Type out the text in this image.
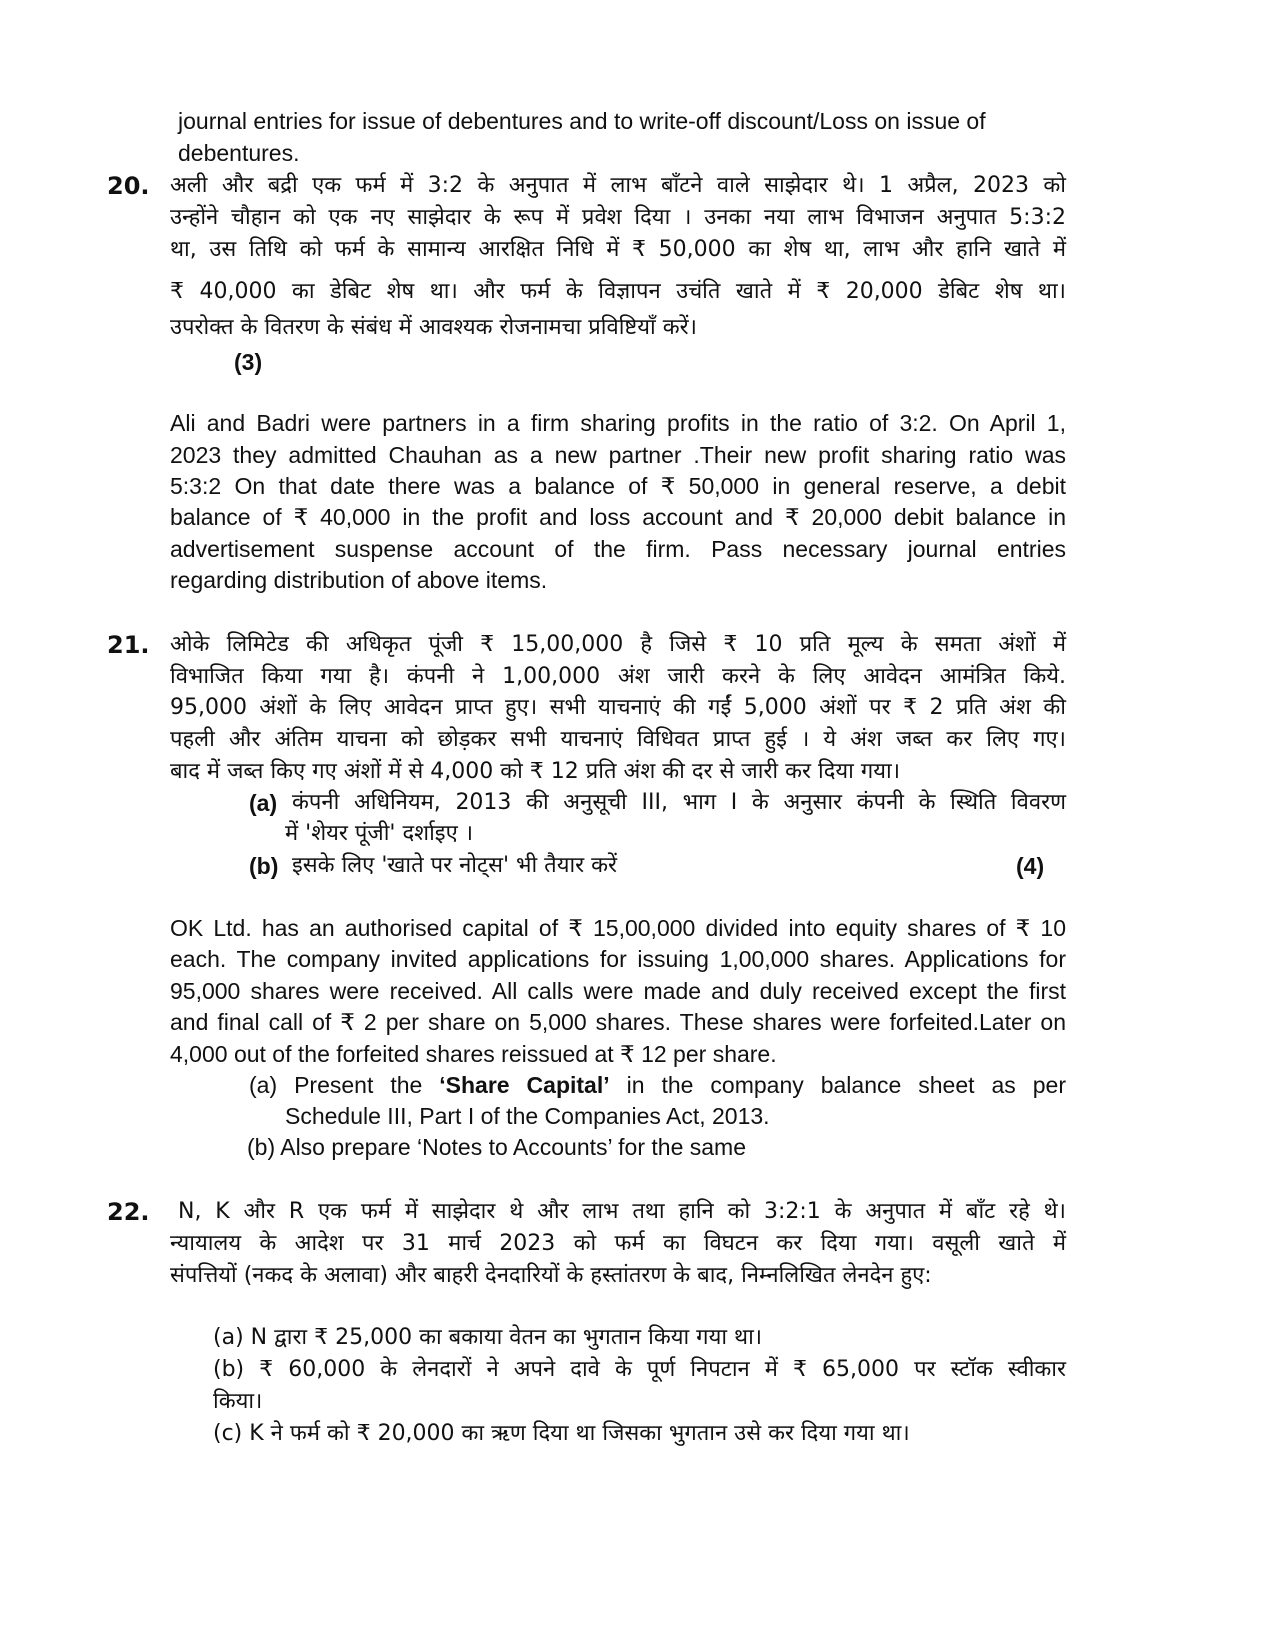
journal entries for issue of debentures and to write-off discount/Loss on issue of
debentures.
20. अली और बद्री एक फर्म में 3:2 के अनुपात में लाभ बाँटने वाले साझेदार थे। 1 अप्रैल, 2023 को
उन्होंने चौहान को एक नए साझेदार के रूप में प्रवेश दिया । उनका नया लाभ विभाजन अनुपात 5:3:2
था, उस तिथि को फर्म के सामान्य आरक्षित निधि में ₹ 50,000 का शेष था, लाभ और हानि खाते में
₹ 40,000 का डेबिट शेष था। और फर्म के विज्ञापन उचंति खाते में ₹ 20,000 डेबिट शेष था।
उपरोक्त के वितरण के संबंध में आवश्यक रोजनामचा प्रविष्टियाँ करें।
(3)
Ali and Badri were partners in a firm sharing profits in the ratio of 3:2. On April 1,
2023 they admitted Chauhan as a new partner .Their new profit sharing ratio was
5:3:2 On that date there was a balance of ₹ 50,000 in general reserve, a debit
balance of ₹ 40,000 in the profit and loss account and ₹ 20,000 debit balance in
advertisement suspense account of the firm. Pass necessary journal entries
regarding distribution of above items.
21. ओके लिमिटेड की अधिकृत पूंजी ₹ 15,00,000 है जिसे ₹ 10 प्रति मूल्य के समता अंशों में
विभाजित किया गया है। कंपनी ने 1,00,000 अंश जारी करने के लिए आवेदन आमंत्रित किये.
95,000 अंशों के लिए आवेदन प्राप्त हुए। सभी याचनाएं की गईं 5,000 अंशों पर ₹ 2 प्रति अंश की
पहली और अंतिम याचना को छोड़कर सभी याचनाएं विधिवत प्राप्त हुई । ये अंश जब्त कर लिए गए।
बाद में जब्त किए गए अंशों में से 4,000 को ₹ 12 प्रति अंश की दर से जारी कर दिया गया।
(a) कंपनी अधिनियम, 2013 की अनुसूची III, भाग I के अनुसार कंपनी के स्थिति विवरण
में 'शेयर पूंजी' दर्शाइए ।
(b) इसके लिए 'खाते पर नोट्स' भी तैयार करें	(4)
OK Ltd. has an authorised capital of ₹ 15,00,000 divided into equity shares of ₹ 10
each. The company invited applications for issuing 1,00,000 shares. Applications for
95,000 shares were received. All calls were made and duly received except the first
and final call of ₹ 2 per share on 5,000 shares. These shares were forfeited.Later on
4,000 out of the forfeited shares reissued at ₹ 12 per share.
(a) Present the ‘Share Capital’ in the company balance sheet as per
Schedule III, Part I of the Companies Act, 2013.
(b) Also prepare ‘Notes to Accounts’ for the same
22. N, K और R एक फर्म में साझेदार थे और लाभ तथा हानि को 3:2:1 के अनुपात में बाँट रहे थे।
न्यायालय के आदेश पर 31 मार्च 2023 को फर्म का विघटन कर दिया गया। वसूली खाते में
संपत्तियों (नकद के अलावा) और बाहरी देनदारियों के हस्तांतरण के बाद, निम्नलिखित लेनदेन हुए:
(a) N द्वारा ₹ 25,000 का बकाया वेतन का भुगतान किया गया था।
(b) ₹ 60,000 के लेनदारों ने अपने दावे के पूर्ण निपटान में ₹ 65,000 पर स्टॉक स्वीकार
किया।
(c) K ने फर्म को ₹ 20,000 का ऋण दिया था जिसका भुगतान उसे कर दिया गया था।
